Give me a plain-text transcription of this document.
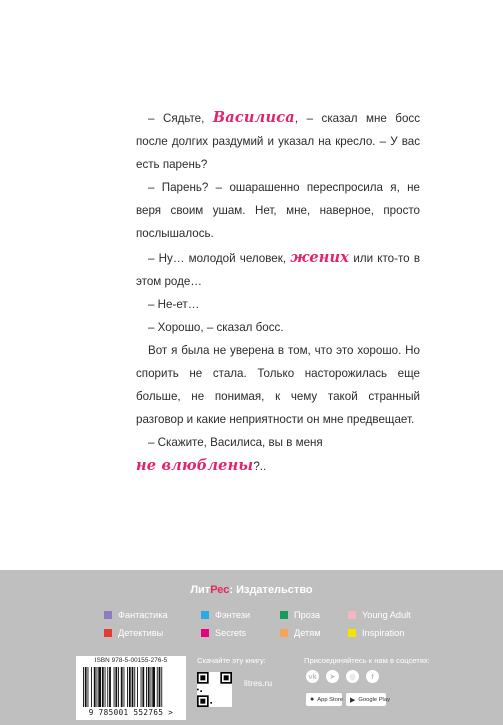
– Сядьте, Василиса, – сказал мне босс после долгих раздумий и указал на кресло. – У вас есть парень?

– Парень? – ошарашенно переспросила я, не веря своим ушам. Нет, мне, наверное, просто послышалось.

– Ну… молодой человек, жених или кто-то в этом роде…

– Не-ет…

– Хорошо, – сказал босс.

Вот я была не уверена в том, что это хорошо. Но спорить не стала. Только насторожилась еще больше, не понимая, к чему такой странный разговор и какие неприятности он мне предвещает.

– Скажите, Василиса, вы в меня

не влюблены?..

ЛитРес: Издательство
Фантастика	Фэнтези	Проза	Young Adult
Детективы	Secrets	Детям	Inspiration
ISBN 978-5-00155-276-5
9 785001 552765 >
Скачайте эту книгу:
litres.ru
Присоединяйтесь к нам в соцсетях:
vk	➤	◎	f
● App Store ▶ Google Play
